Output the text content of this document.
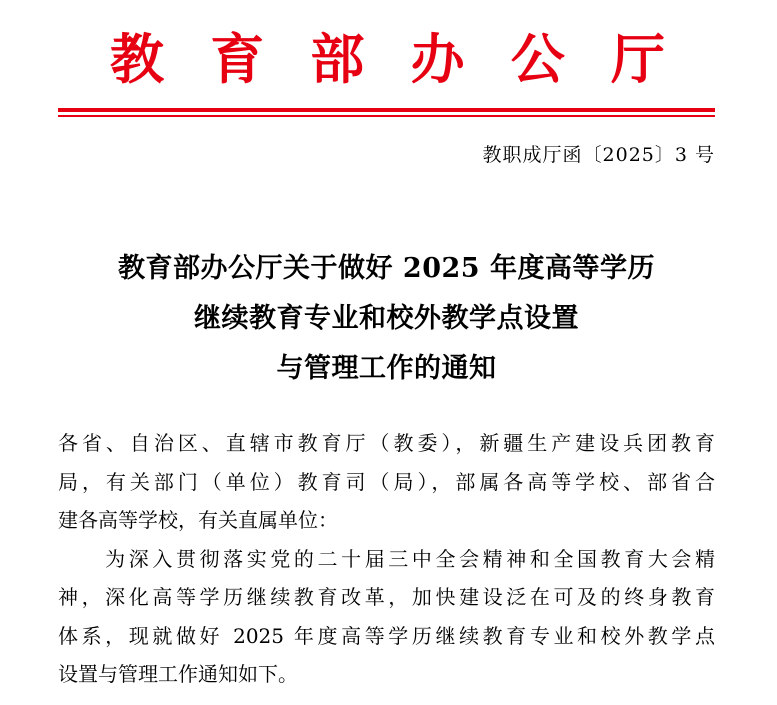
教 育 部 办 公 厅
教职成厅函〔2025〕3 号
教育部办公厅关于做好 2025 年度高等学历
继续教育专业和校外教学点设置
与管理工作的通知
各省、自治区、直辖市教育厅（教委），新疆生产建设兵团教育
局，有关部门（单位）教育司（局），部属各高等学校、部省合
建各高等学校，有关直属单位：
　　为深入贯彻落实党的二十届三中全会精神和全国教育大会精
神，深化高等学历继续教育改革，加快建设泛在可及的终身教育
体系，现就做好 2025 年度高等学历继续教育专业和校外教学点
设置与管理工作通知如下。
